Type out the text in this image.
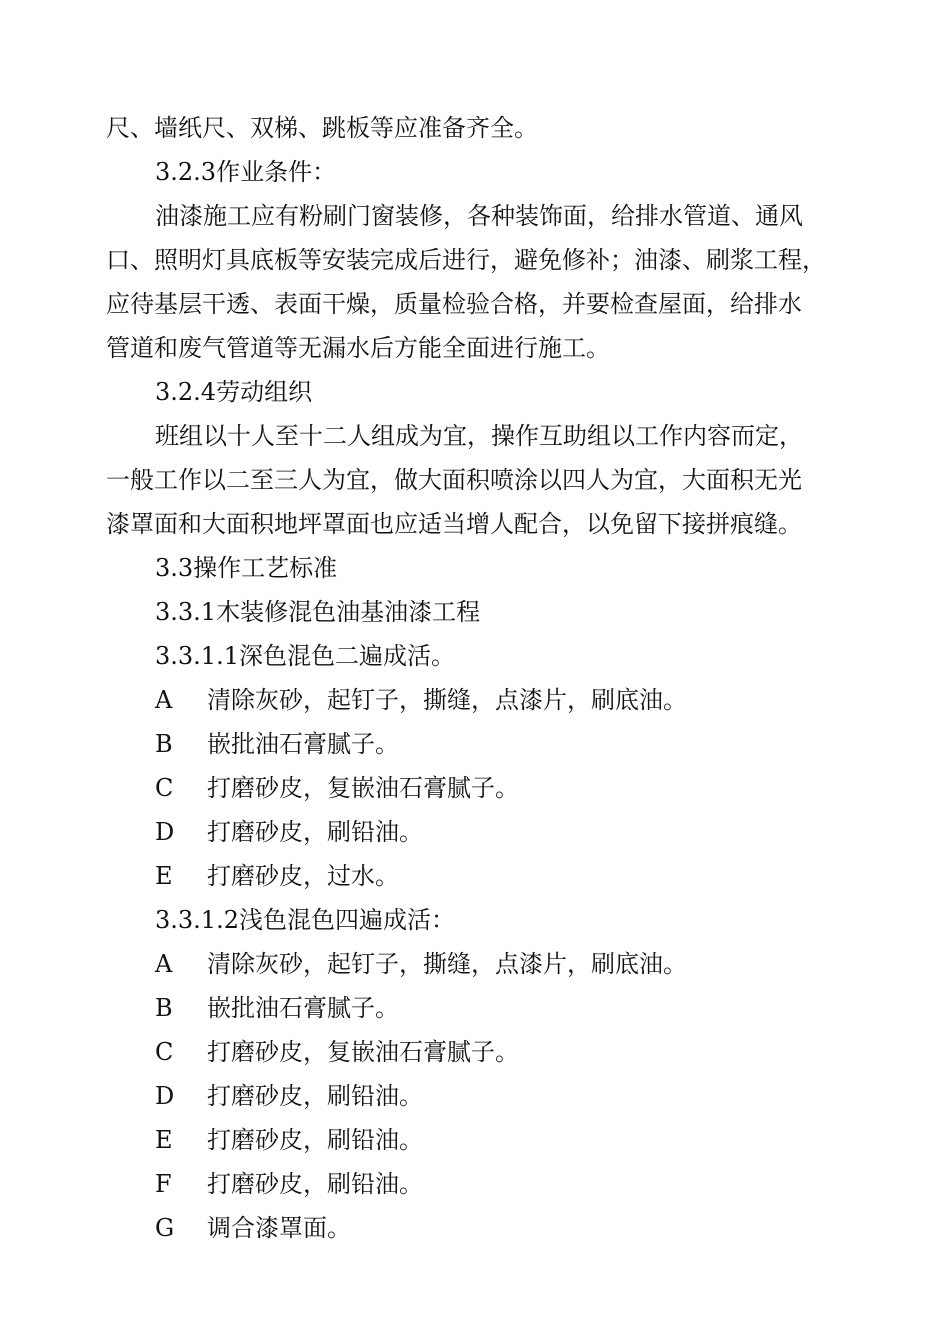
尺、墙纸尺、双梯、跳板等应准备齐全。
3.2.3作业条件：
油漆施工应有粉刷门窗装修，各种装饰面，给排水管道、通风
口、照明灯具底板等安装完成后进行，避免修补；油漆、刷浆工程，
应待基层干透、表面干燥，质量检验合格，并要检查屋面，给排水
管道和废气管道等无漏水后方能全面进行施工。
3.2.4劳动组织
班组以十人至十二人组成为宜，操作互助组以工作内容而定，
一般工作以二至三人为宜，做大面积喷涂以四人为宜，大面积无光
漆罩面和大面积地坪罩面也应适当增人配合，以免留下接拼痕缝。
3.3操作工艺标准
3.3.1木装修混色油基油漆工程
3.3.1.1深色混色二遍成活。
A	清除灰砂，起钉子，撕缝，点漆片，刷底油。
B	嵌批油石膏腻子。
C	打磨砂皮，复嵌油石膏腻子。
D	打磨砂皮，刷铅油。
E	打磨砂皮，过水。
3.3.1.2浅色混色四遍成活：
A	清除灰砂，起钉子，撕缝，点漆片，刷底油。
B	嵌批油石膏腻子。
C	打磨砂皮，复嵌油石膏腻子。
D	打磨砂皮，刷铅油。
E	打磨砂皮，刷铅油。
F	打磨砂皮，刷铅油。
G	调合漆罩面。
